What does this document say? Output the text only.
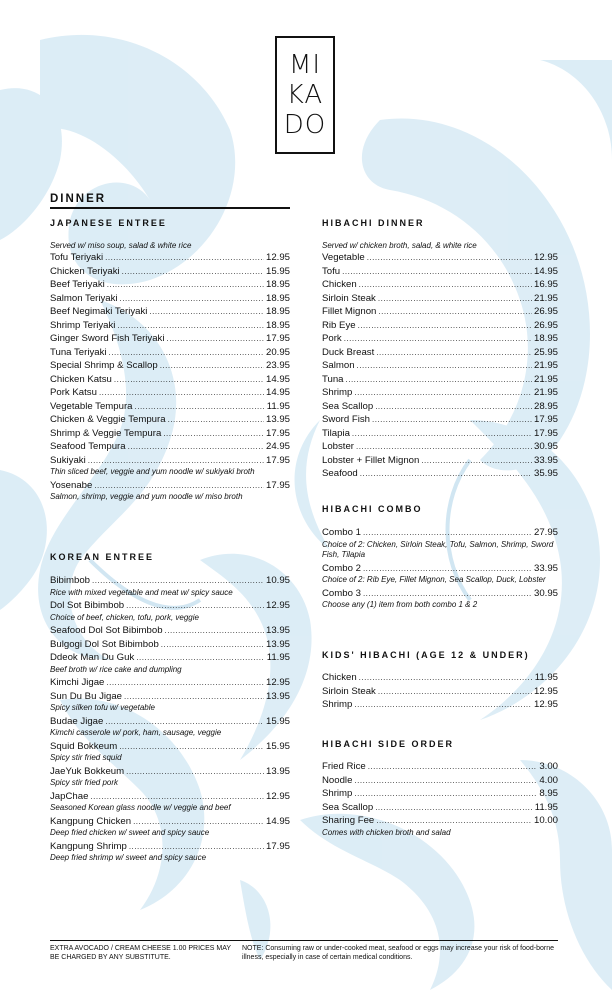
MI
KA
DO
DINNER
JAPANESE ENTREE
Served w/ miso soup, salad & white rice
Tofu Teriyaki .....	12.95
Chicken Teriyaki .....	15.95
Beef Teriyaki .....	18.95
Salmon Teriyaki .....	18.95
Beef Negimaki Teriyaki .....	18.95
Shrimp Teriyaki .....	18.95
Ginger Sword Fish Teriyaki .....	17.95
Tuna Teriyaki .....	20.95
Special Shrimp & Scallop .....	23.95
Chicken Katsu .....	14.95
Pork Katsu .....	14.95
Vegetable Tempura .....	11.95
Chicken & Veggie Tempura .....	13.95
Shrimp & Veggie Tempura .....	17.95
Seafood Tempura .....	24.95
Sukiyaki .....	17.95
Thin sliced beef, veggie and yum noodle w/ sukiyaki broth
Yosenabe .....	17.95
Salmon, shrimp, veggie and yum noodle w/ miso broth
KOREAN ENTREE
Bibimbob .....	10.95
Rice with mixed vegetable and meat w/ spicy sauce
Dol Sot Bibimbob .....	12.95
Choice of beef, chicken, tofu, pork, veggie
Seafood Dol Sot Bibimbob .....	13.95
Bulgogi Dol Sot Bibimbob .....	13.95
Ddeok Man Du Guk .....	11.95
Beef broth w/ rice cake and dumpling
Kimchi Jigae .....	12.95
Sun Du Bu Jigae .....	13.95
Spicy silken tofu w/ vegetable
Budae Jigae .....	15.95
Kimchi casserole w/ pork, ham, sausage, veggie
Squid Bokkeum .....	15.95
Spicy stir fried squid
JaeYuk Bokkeum .....	13.95
Spicy stir fried pork
JapChae .....	12.95
Seasoned Korean glass noodle w/ veggie and beef
Kangpung Chicken .....	14.95
Deep fried chicken w/ sweet and spicy sauce
Kangpung Shrimp .....	17.95
Deep fried shrimp w/ sweet and spicy sauce
HIBACHI DINNER
Served w/ chicken broth, salad, & white rice
Vegetable .....	12.95
Tofu .....	14.95
Chicken .....	16.95
Sirloin Steak .....	21.95
Fillet Mignon .....	26.95
Rib Eye .....	26.95
Pork .....	18.95
Duck Breast .....	25.95
Salmon .....	21.95
Tuna .....	21.95
Shrimp .....	21.95
Sea Scallop .....	28.95
Sword Fish .....	17.95
Tilapia .....	17.95
Lobster .....	30.95
Lobster + Fillet Mignon .....	33.95
Seafood .....	35.95
HIBACHI COMBO
Combo 1 .....	27.95
Choice of 2: Chicken, Sirloin Steak, Tofu, Salmon, Shrimp, Sword Fish, Tilapia
Combo 2 .....	33.95
Choice of 2: Rib Eye, Fillet Mignon, Sea Scallop, Duck, Lobster
Combo 3 .....	30.95
Choose any (1) item from both combo 1 & 2
KIDS' HIBACHI (AGE 12 & UNDER)
Chicken .....	11.95
Sirloin Steak .....	12.95
Shrimp .....	12.95
HIBACHI SIDE ORDER
Fried Rice .....	3.00
Noodle .....	4.00
Shrimp .....	8.95
Sea Scallop .....	11.95
Sharing Fee .....	10.00
Comes with chicken broth and salad
EXTRA AVOCADO / CREAM CHEESE 1.00 PRICES MAY BE CHARGED BY ANY SUBSTITUTE.
NOTE: Consuming raw or under-cooked meat, seafood or eggs may increase your risk of food-borne illness, especially in case of certain medical conditions.
